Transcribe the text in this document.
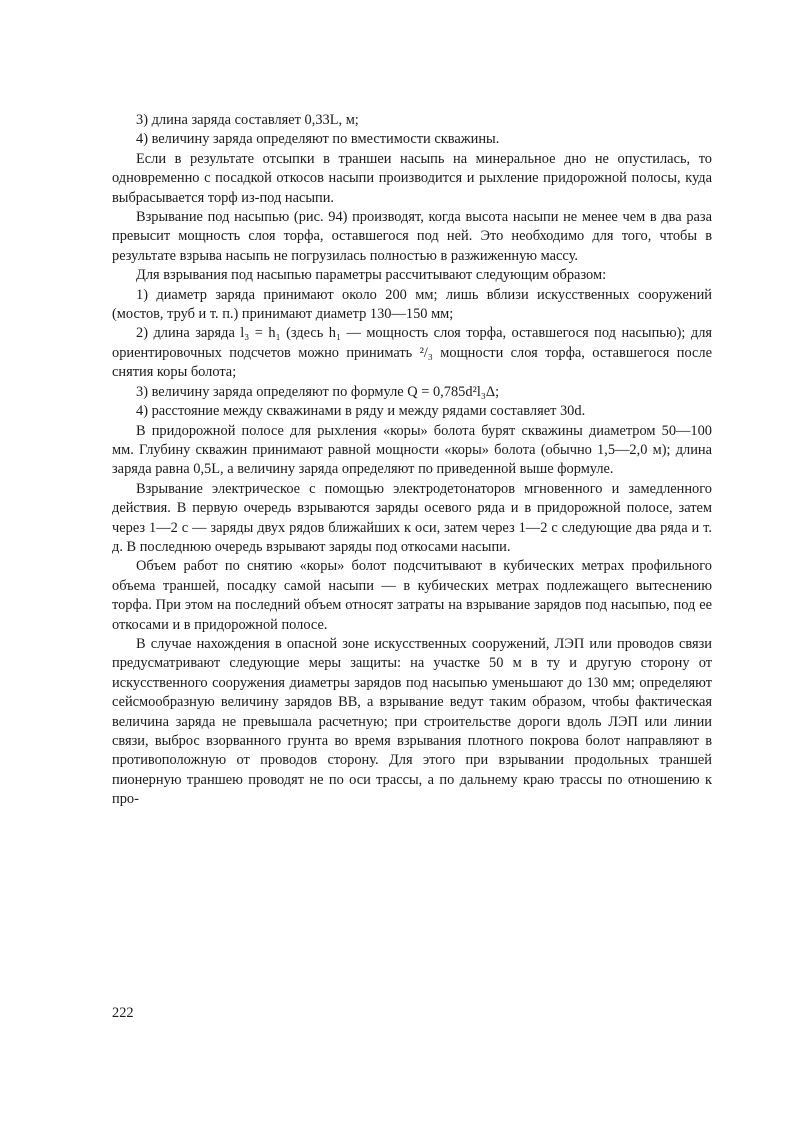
3) длина заряда составляет 0,33L, м;

4) величину заряда определяют по вместимости скважины.

Если в результате отсыпки в траншеи насыпь на минеральное дно не опустилась, то одновременно с посадкой откосов насыпи производится и рыхление придорожной полосы, куда выбрасывается торф из-под насыпи.

Взрывание под насыпью (рис. 94) производят, когда высота насыпи не менее чем в два раза превысит мощность слоя торфа, оставшегося под ней. Это необходимо для того, чтобы в результате взрыва насыпь не погрузилась полностью в разжиженную массу.

Для взрывания под насыпью параметры рассчитывают следующим образом:

1) диаметр заряда принимают около 200 мм; лишь вблизи искусственных сооружений (мостов, труб и т. п.) принимают диаметр 130—150 мм;

2) длина заряда l₃ = h₁ (здесь h₁ — мощность слоя торфа, оставшегося под насыпью); для ориентировочных подсчетов можно принимать ²/₃ мощности слоя торфа, оставшегося после снятия коры болота;

3) величину заряда определяют по формуле Q = 0,785d²l₃Δ;

4) расстояние между скважинами в ряду и между рядами составляет 30d.

В придорожной полосе для рыхления «коры» болота бурят скважины диаметром 50—100 мм. Глубину скважин принимают равной мощности «коры» болота (обычно 1,5—2,0 м); длина заряда равна 0,5L, а величину заряда определяют по приведенной выше формуле.

Взрывание электрическое с помощью электродетонаторов мгновенного и замедленного действия. В первую очередь взрываются заряды осевого ряда и в придорожной полосе, затем через 1—2 с — заряды двух рядов ближайших к оси, затем через 1—2 с следующие два ряда и т. д. В последнюю очередь взрывают заряды под откосами насыпи.

Объем работ по снятию «коры» болот подсчитывают в кубических метрах профильного объема траншей, посадку самой насыпи — в кубических метрах подлежащего вытеснению торфа. При этом на последний объем относят затраты на взрывание зарядов под насыпью, под ее откосами и в придорожной полосе.

В случае нахождения в опасной зоне искусственных сооружений, ЛЭП или проводов связи предусматривают следующие меры защиты: на участке 50 м в ту и другую сторону от искусственного сооружения диаметры зарядов под насыпью уменьшают до 130 мм; определяют сейсмообразную величину зарядов ВВ, а взрывание ведут таким образом, чтобы фактическая величина заряда не превышала расчетную; при строительстве дороги вдоль ЛЭП или линии связи, выброс взорванного грунта во время взрывания плотного покрова болот направляют в противоположную от проводов сторону. Для этого при взрывании продольных траншей пионерную траншею проводят не по оси трассы, а по дальнему краю трассы по отношению к про-

222
